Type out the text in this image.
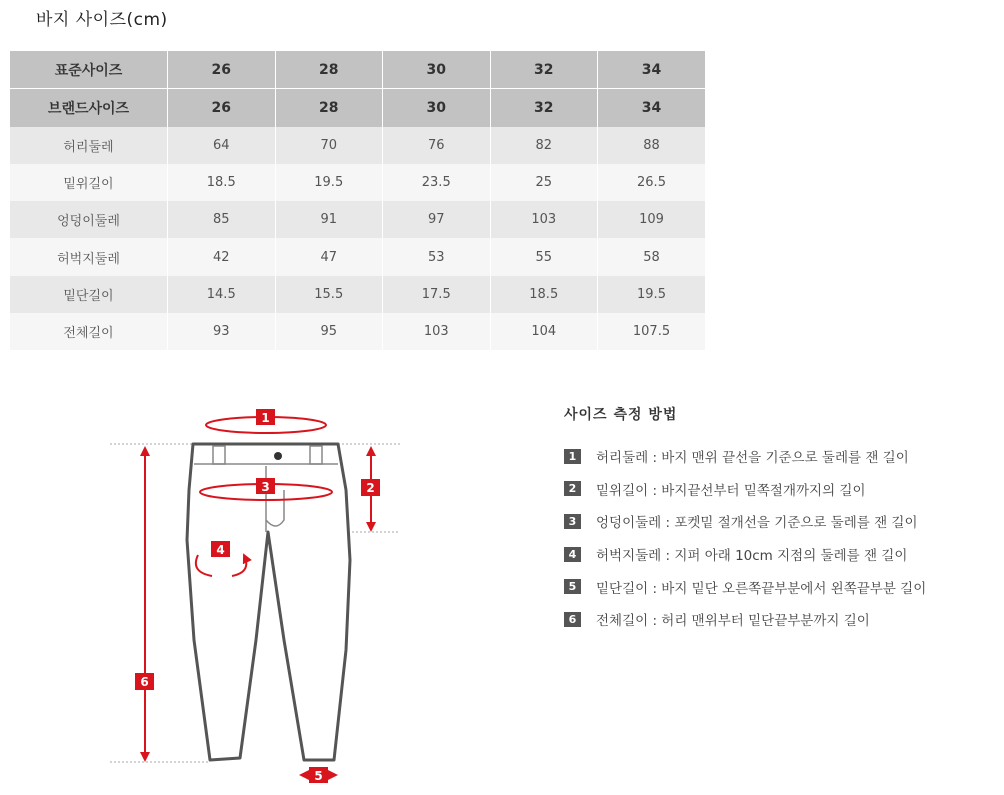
바지 사이즈(cm)
표준사이즈	26	28	30	32	34
브랜드사이즈	26	28	30	32	34
허리둘레	64	70	76	82	88
밑위길이	18.5	19.5	23.5	25	26.5
엉덩이둘레	85	91	97	103	109
허벅지둘레	42	47	53	55	58
밑단길이	14.5	15.5	17.5	18.5	19.5
전체길이	93	95	103	104	107.5
1
2
3
4
6
5
사이즈 측정 방법
1	허리둘레 : 바지 맨위 끝선을 기준으로 둘레를 잰 길이
2	밑위길이 : 바지끝선부터 밑쪽절개까지의 길이
3	엉덩이둘레 : 포켓밑 절개선을 기준으로 둘레를 잰 길이
4	허벅지둘레 : 지퍼 아래 10cm 지점의 둘레를 잰 길이
5	밑단길이 : 바지 밑단 오른쪽끝부분에서 왼쪽끝부분 길이
6	전체길이 : 허리 맨위부터 밑단끝부분까지 길이
